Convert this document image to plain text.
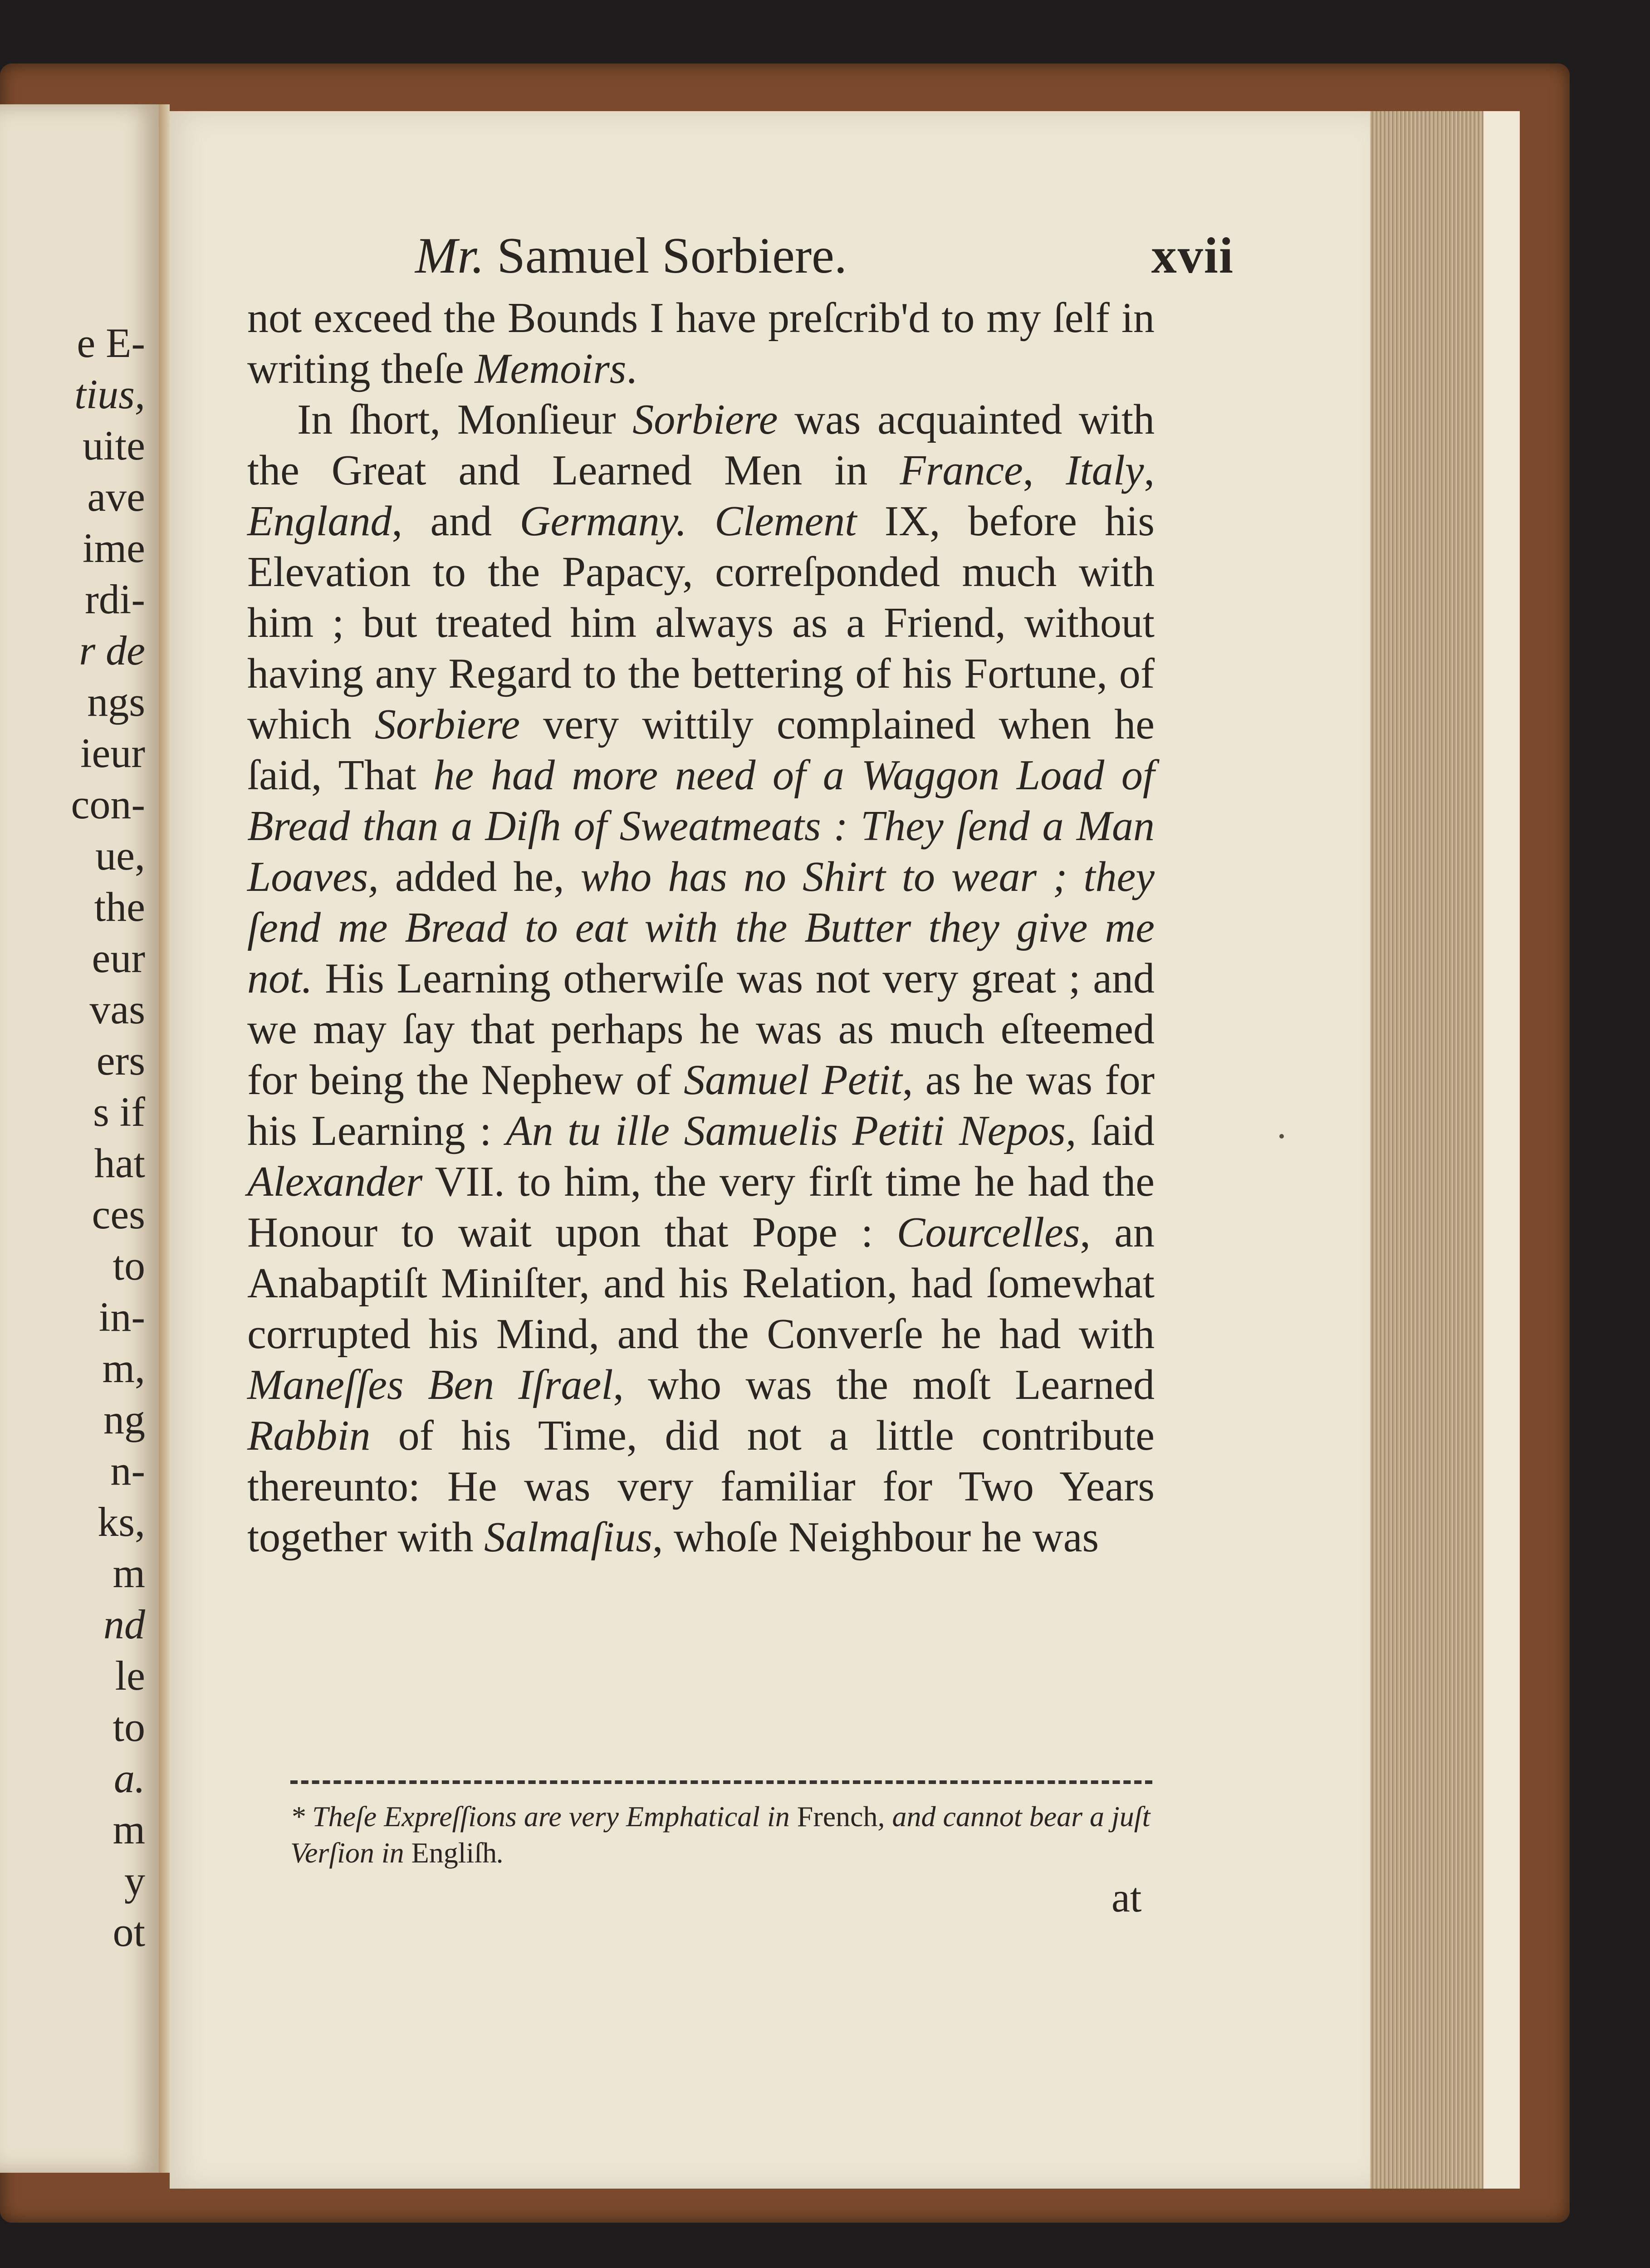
e E-
tius,
uite
ave
ime
rdi-
r de
ngs
ieur
con-
ue,
the
eur
vas
ers
s if
hat
ces
to
in-
m,
ng
n-
ks,
m
nd
le
to
a.
m
y
ot
Mr. Samuel Sorbiere.	xvii

not exceed the Bounds I have preſcrib'd to my ſelf in writing theſe Memoirs.

In ſhort, Monſieur Sorbiere was acquainted with the Great and Learned Men in France, Italy, England, and Germany. Clement IX, before his Elevation to the Papacy, correſponded much with him ; but treated him always as a Friend, without having any Regard to the bettering of his Fortune, of which Sorbiere very wittily complained when he ſaid, That he had more need of a Waggon Load of Bread than a Diſh of Sweatmeats : They ſend a Man Loaves, added he, who has no Shirt to wear ; they ſend me Bread to eat with the Butter they give me not. His Learning otherwiſe was not very great ; and we may ſay that perhaps he was as much eſteemed for being the Nephew of Samuel Petit, as he was for his Learning : An tu ille Samuelis Petiti Nepos, ſaid Alexander VII. to him, the very firſt time he had the Honour to wait upon that Pope : Courcelles, an Anabaptiſt Miniſter, and his Relation, had ſomewhat corrupted his Mind, and the Converſe he had with Maneſſes Ben Iſrael, who was the moſt Learned Rabbin of his Time, did not a little contribute thereunto: He was very familiar for Two Years together with Salmaſius, whoſe Neighbour he was

* Theſe Expreſſions are very Emphatical in French, and cannot bear a juſt Verſion in Engliſh.
at
